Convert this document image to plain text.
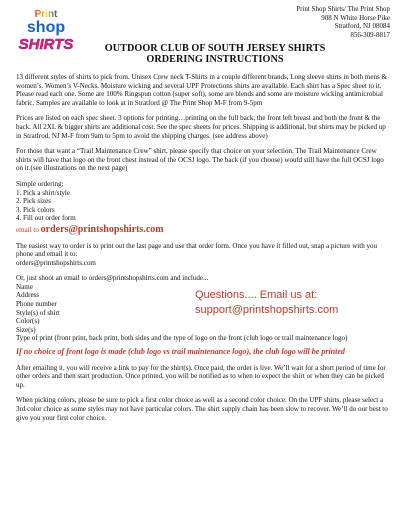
Print
shop
SHIRTS
Print Shop Shirts/ The Print Shop
908 N White Horse Pike
Stratford, NJ 08084
856-309-8817
OUTDOOR CLUB OF SOUTH JERSEY SHIRTS
ORDERING INSTRUCTIONS

13 different styles of shirts to pick from. Unisex Crew neck T-Shirts in a couple different brands, Long sleeve shirts in both mens & women’s. Women’s V-Necks. Moisture wicking and several UPF Protections shirts are available. Each shirt has a Spec sheet to it. Please read each one. Some are 100% Ringspun cotton (super soft), some are blends and some are moisture wicking antimicrobial fabric. Samples are available to look at in Stratford @ The Print Shop M-F from 9-5pm

Prices are listed on each spec sheet. 3 options for printing…printing on the full back, the front left breast and both the front & the back. All 2XL & bigger shirts are additional cost. See the spec sheets for prices. Shipping is additional, but shirts may be picked up in Stratfrod, NJ M-F from 9am to 5pm to avoid the shipping charges. (see address above)

For those that want a “Trail Maintenance Crew” shirt, please specify that choice on your selection. The Trail Maintenance Crew shirts will have that logo on the front chest instead of the OCSJ logo. The back (if you choose) would still have the full OCSJ logo on it.(see illustrations on the next page)

Simple ordering:
1. Pick a shirt/style
2. Pick sizes
3. Pick colors
4. Fill out order form
email to orders@printshopshirts.com

The easiest way to order is to print out the last page and use that order form. Once you have it filled out, snap a picture with you phone and email it to:
orders@printshopshirts.com

Or, just shoot an email to orders@printshopshirts.com and include...
Name
Address
Phone number
Style(s) of shirt
Color(s)
Size(s)
Type of print (front print, back print, both sides and the type of logo on the front (club logo or trail maintenance logo)
Questions.... Email us at:
support@printshopshirts.com
If no choice of front logo is made (club logo vs trail maintenance logo), the club logo will be printed

After emailing it, you will receive a link to pay for the shirt(s). Once paid, the order is live. We’ll wait for a short period of time for other orders and then start production. Once printed, you will be notified as to when to expect the shirt or when they can be picked up.

When picking colors, please be sure to pick a first color choice as well as a second color choice. On the UPF shirts, please select a 3rd color choice as some styles may not have particular colors. The shirt supply chain has been slow to recover. We’ll do our best to give you your first color choice.
